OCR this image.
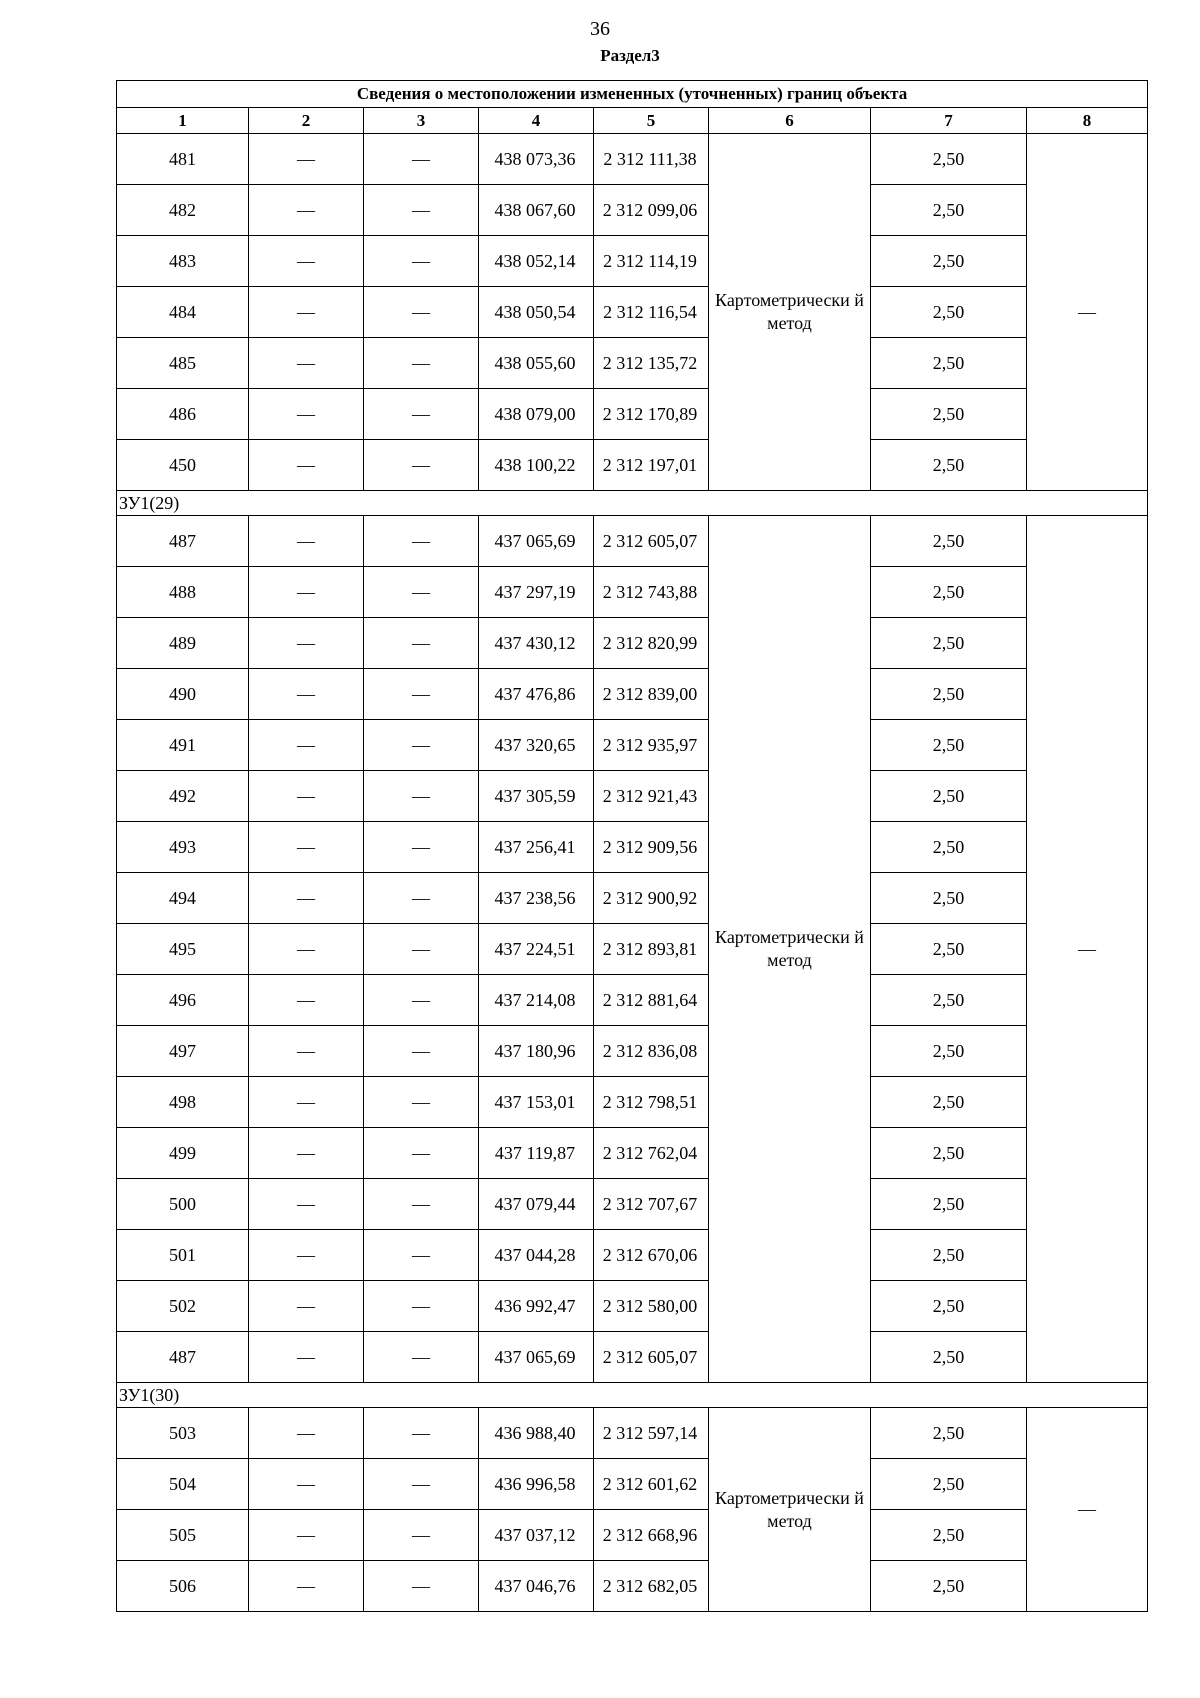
36
Раздел3
Сведения о местоположении измененных (уточненных) границ объекта							
1	2	3	4	5	6	7	8
481	—	—	438 073,36	2 312 111,38	Картометрически й метод	2,50	—
482	—	—	438 067,60	2 312 099,06		2,50	
483	—	—	438 052,14	2 312 114,19		2,50	
484	—	—	438 050,54	2 312 116,54		2,50	
485	—	—	438 055,60	2 312 135,72		2,50	
486	—	—	438 079,00	2 312 170,89		2,50	
450	—	—	438 100,22	2 312 197,01		2,50	
ЗУ1(29)							
487	—	—	437 065,69	2 312 605,07	Картометрически й метод	2,50	—
488	—	—	437 297,19	2 312 743,88		2,50	
489	—	—	437 430,12	2 312 820,99		2,50	
490	—	—	437 476,86	2 312 839,00		2,50	
491	—	—	437 320,65	2 312 935,97		2,50	
492	—	—	437 305,59	2 312 921,43		2,50	
493	—	—	437 256,41	2 312 909,56		2,50	
494	—	—	437 238,56	2 312 900,92		2,50	
495	—	—	437 224,51	2 312 893,81		2,50	
496	—	—	437 214,08	2 312 881,64		2,50	
497	—	—	437 180,96	2 312 836,08		2,50	
498	—	—	437 153,01	2 312 798,51		2,50	
499	—	—	437 119,87	2 312 762,04		2,50	
500	—	—	437 079,44	2 312 707,67		2,50	
501	—	—	437 044,28	2 312 670,06		2,50	
502	—	—	436 992,47	2 312 580,00		2,50	
487	—	—	437 065,69	2 312 605,07		2,50	
ЗУ1(30)							
503	—	—	436 988,40	2 312 597,14	Картометрически й метод	2,50	—
504	—	—	436 996,58	2 312 601,62		2,50	
505	—	—	437 037,12	2 312 668,96		2,50	
506	—	—	437 046,76	2 312 682,05		2,50	
